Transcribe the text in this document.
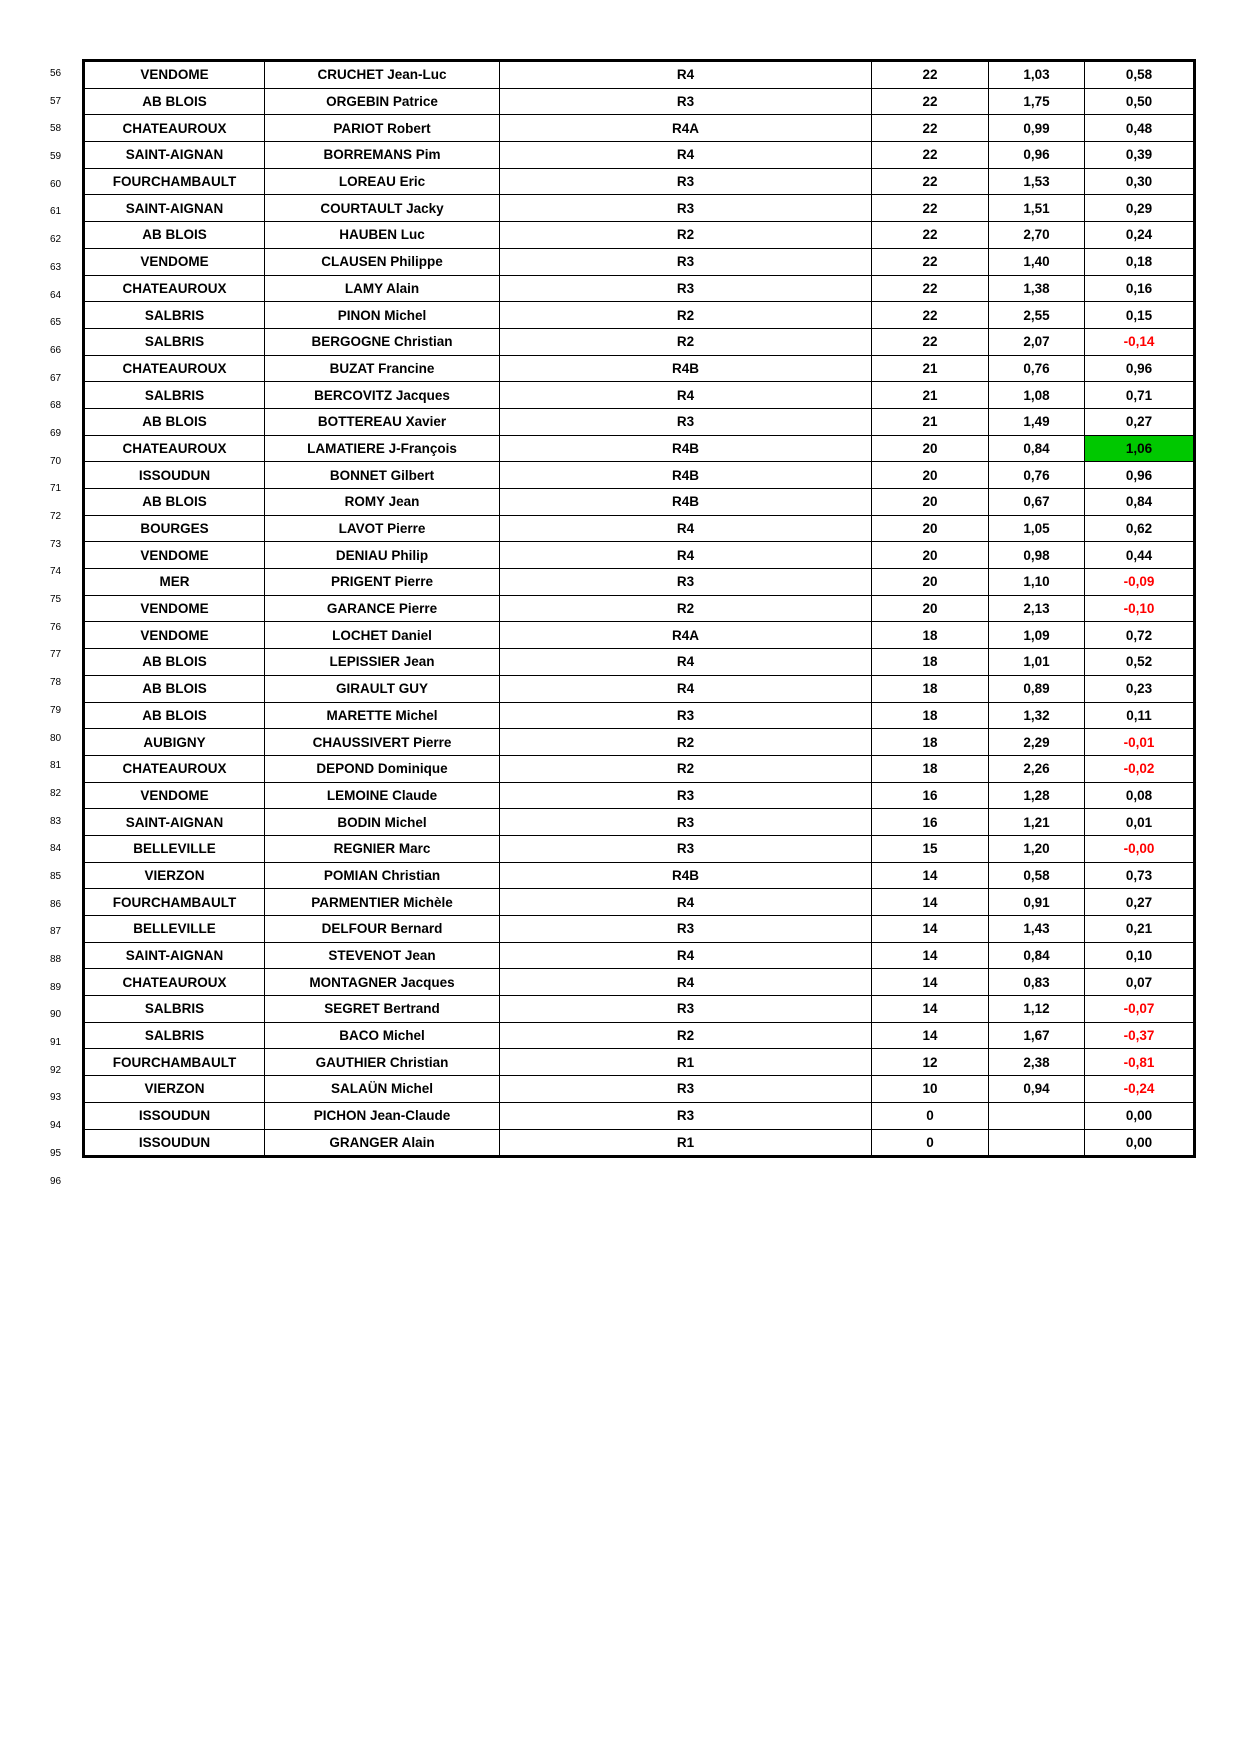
56
57
58
59
60
61
62
63
64
65
66
67
68
69
70
71
72
73
74
75
76
77
78
79
80
81
82
83
84
85
86
87
88
89
90
91
92
93
94
95
96
VENDOME	CRUCHET Jean-Luc	R4	22	1,03	0,58
AB BLOIS	ORGEBIN Patrice	R3	22	1,75	0,50
CHATEAUROUX	PARIOT Robert	R4A	22	0,99	0,48
SAINT-AIGNAN	BORREMANS Pim	R4	22	0,96	0,39
FOURCHAMBAULT	LOREAU Eric	R3	22	1,53	0,30
SAINT-AIGNAN	COURTAULT Jacky	R3	22	1,51	0,29
AB BLOIS	HAUBEN Luc	R2	22	2,70	0,24
VENDOME	CLAUSEN Philippe	R3	22	1,40	0,18
CHATEAUROUX	LAMY Alain	R3	22	1,38	0,16
SALBRIS	PINON Michel	R2	22	2,55	0,15
SALBRIS	BERGOGNE Christian	R2	22	2,07	-0,14
CHATEAUROUX	BUZAT Francine	R4B	21	0,76	0,96
SALBRIS	BERCOVITZ Jacques	R4	21	1,08	0,71
AB BLOIS	BOTTEREAU Xavier	R3	21	1,49	0,27
CHATEAUROUX	LAMATIERE J-François	R4B	20	0,84	1,06
ISSOUDUN	BONNET Gilbert	R4B	20	0,76	0,96
AB BLOIS	ROMY Jean	R4B	20	0,67	0,84
BOURGES	LAVOT Pierre	R4	20	1,05	0,62
VENDOME	DENIAU Philip	R4	20	0,98	0,44
MER	PRIGENT Pierre	R3	20	1,10	-0,09
VENDOME	GARANCE Pierre	R2	20	2,13	-0,10
VENDOME	LOCHET Daniel	R4A	18	1,09	0,72
AB BLOIS	LEPISSIER Jean	R4	18	1,01	0,52
AB BLOIS	GIRAULT GUY	R4	18	0,89	0,23
AB BLOIS	MARETTE Michel	R3	18	1,32	0,11
AUBIGNY	CHAUSSIVERT Pierre	R2	18	2,29	-0,01
CHATEAUROUX	DEPOND Dominique	R2	18	2,26	-0,02
VENDOME	LEMOINE Claude	R3	16	1,28	0,08
SAINT-AIGNAN	BODIN Michel	R3	16	1,21	0,01
BELLEVILLE	REGNIER Marc	R3	15	1,20	-0,00
VIERZON	POMIAN Christian	R4B	14	0,58	0,73
FOURCHAMBAULT	PARMENTIER Michèle	R4	14	0,91	0,27
BELLEVILLE	DELFOUR Bernard	R3	14	1,43	0,21
SAINT-AIGNAN	STEVENOT Jean	R4	14	0,84	0,10
CHATEAUROUX	MONTAGNER Jacques	R4	14	0,83	0,07
SALBRIS	SEGRET Bertrand	R3	14	1,12	-0,07
SALBRIS	BACO Michel	R2	14	1,67	-0,37
FOURCHAMBAULT	GAUTHIER Christian	R1	12	2,38	-0,81
VIERZON	SALAÜN Michel	R3	10	0,94	-0,24
ISSOUDUN	PICHON Jean-Claude	R3	0		0,00
ISSOUDUN	GRANGER Alain	R1	0		0,00
